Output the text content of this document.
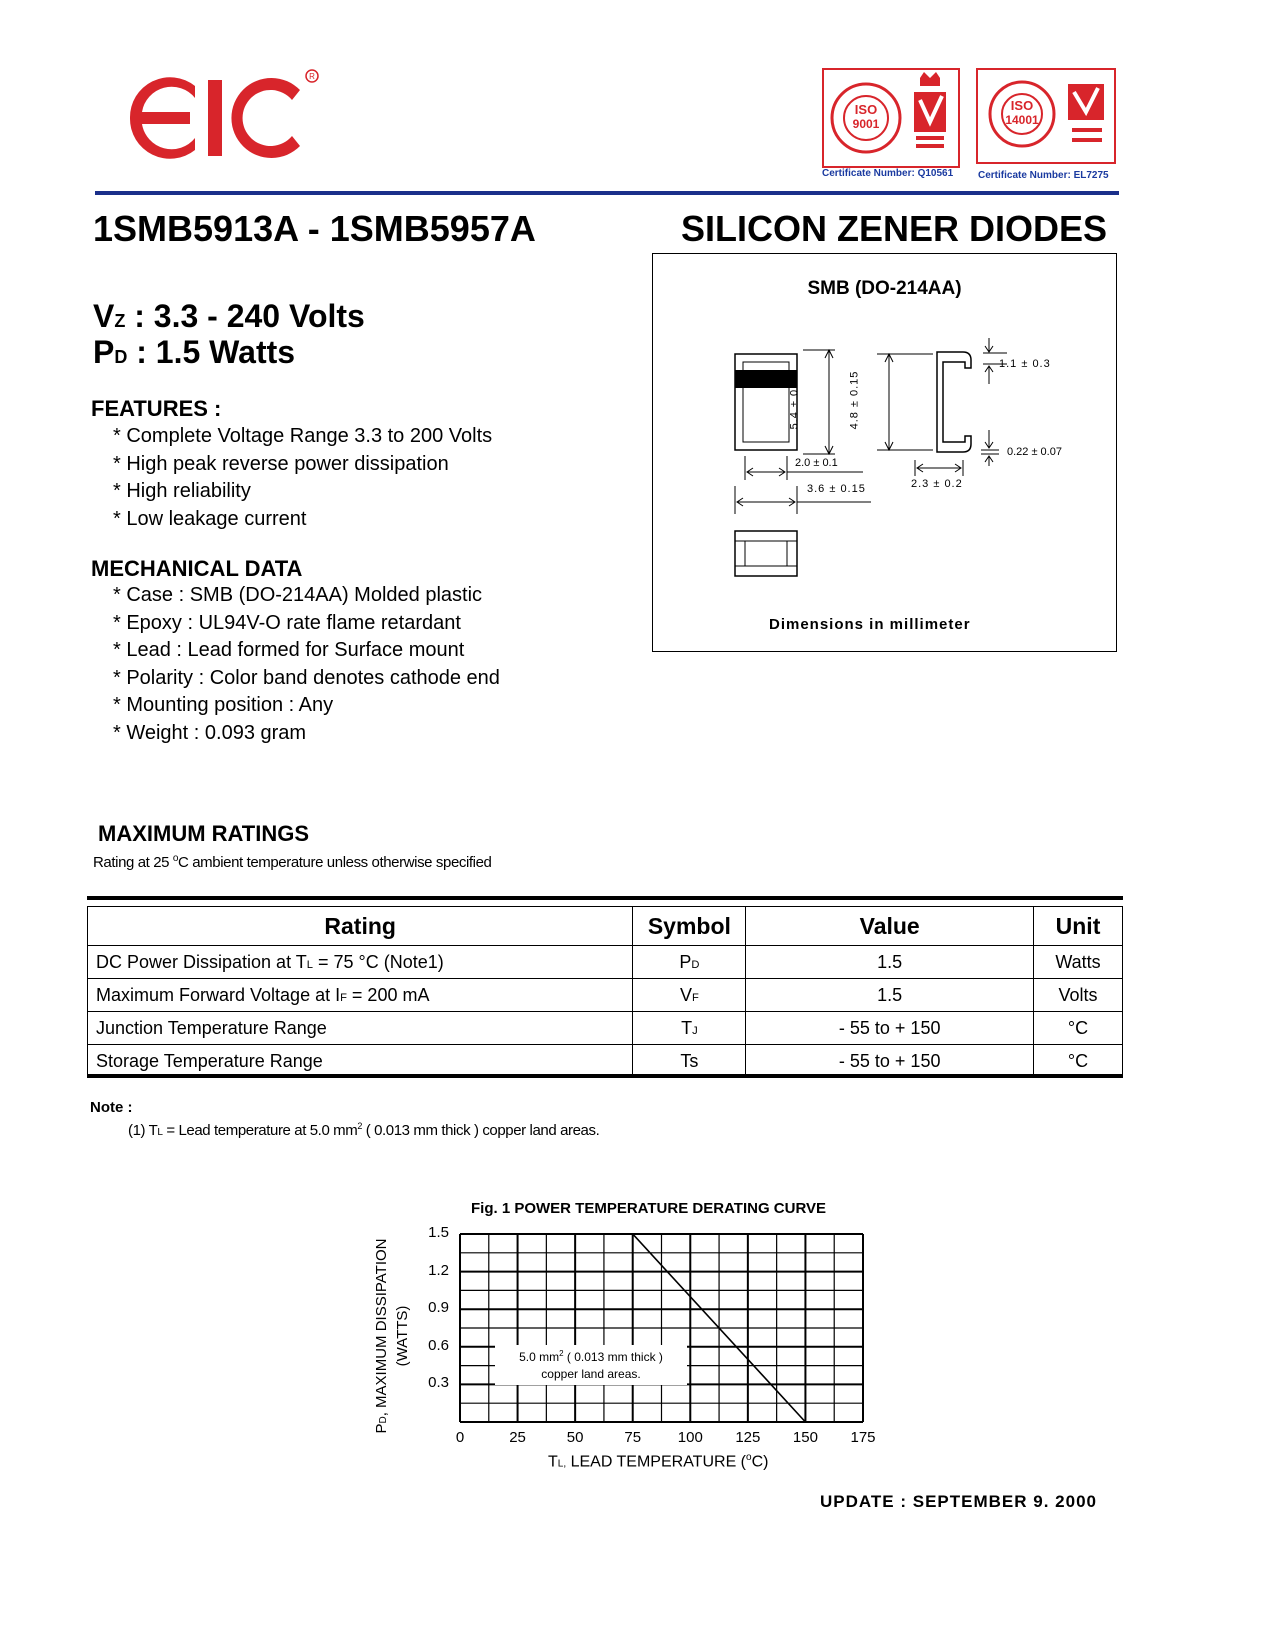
R
ISO
9001
ISO
14001
Certificate Number: Q10561 Certificate Number: EL7275
1SMB5913A - 1SMB5957A	SILICON ZENER DIODES
VZ : 3.3 - 240 Volts
PD : 1.5 Watts
FEATURES :
* Complete Voltage Range 3.3 to 200 Volts
* High peak reverse power dissipation
* High reliability
* Low leakage current
MECHANICAL DATA
* Case : SMB (DO-214AA) Molded plastic
* Epoxy : UL94V-O rate flame retardant
* Lead : Lead formed for Surface mount
* Polarity : Color band denotes cathode end
* Mounting position : Any
* Weight : 0.093 gram
SMB (DO-214AA)
5.4 ± 0.15	4.8 ± 0.15
1.1 ± 0.3
0.22 ± 0.07
2.0 ± 0.1
3.6 ± 0.15	2.3 ± 0.2
Dimensions in millimeter
MAXIMUM RATINGS
Rating at 25 $^o$C ambient temperature unless otherwise specified
Rating	Symbol	Value	Unit
DC Power Dissipation at TL = 75 °C (Note1)	PD	1.5	Watts
Maximum Forward Voltage at IF = 200 mA	VF	1.5	Volts
Junction Temperature Range	TJ	- 55 to + 150	°C
Storage Temperature Range	Ts	- 55 to + 150	°C
Note :
(1) TL = Lead temperature at 5.0 $mm^2$ ( 0.013 mm thick ) copper land areas.
Fig. 1 POWER TEMPERATURE DERATING CURVE
1.5
1.2
0.9
0.6
0.3
0	25	50	75	100	125	150	175
5.0 $mm^2$ ( 0.013 mm thick )
copper land areas.
TL, LEAD TEMPERATURE ($^o$C)
PD, MAXIMUM DISSIPATION (WATTS)
UPDATE : SEPTEMBER 9. 2000
